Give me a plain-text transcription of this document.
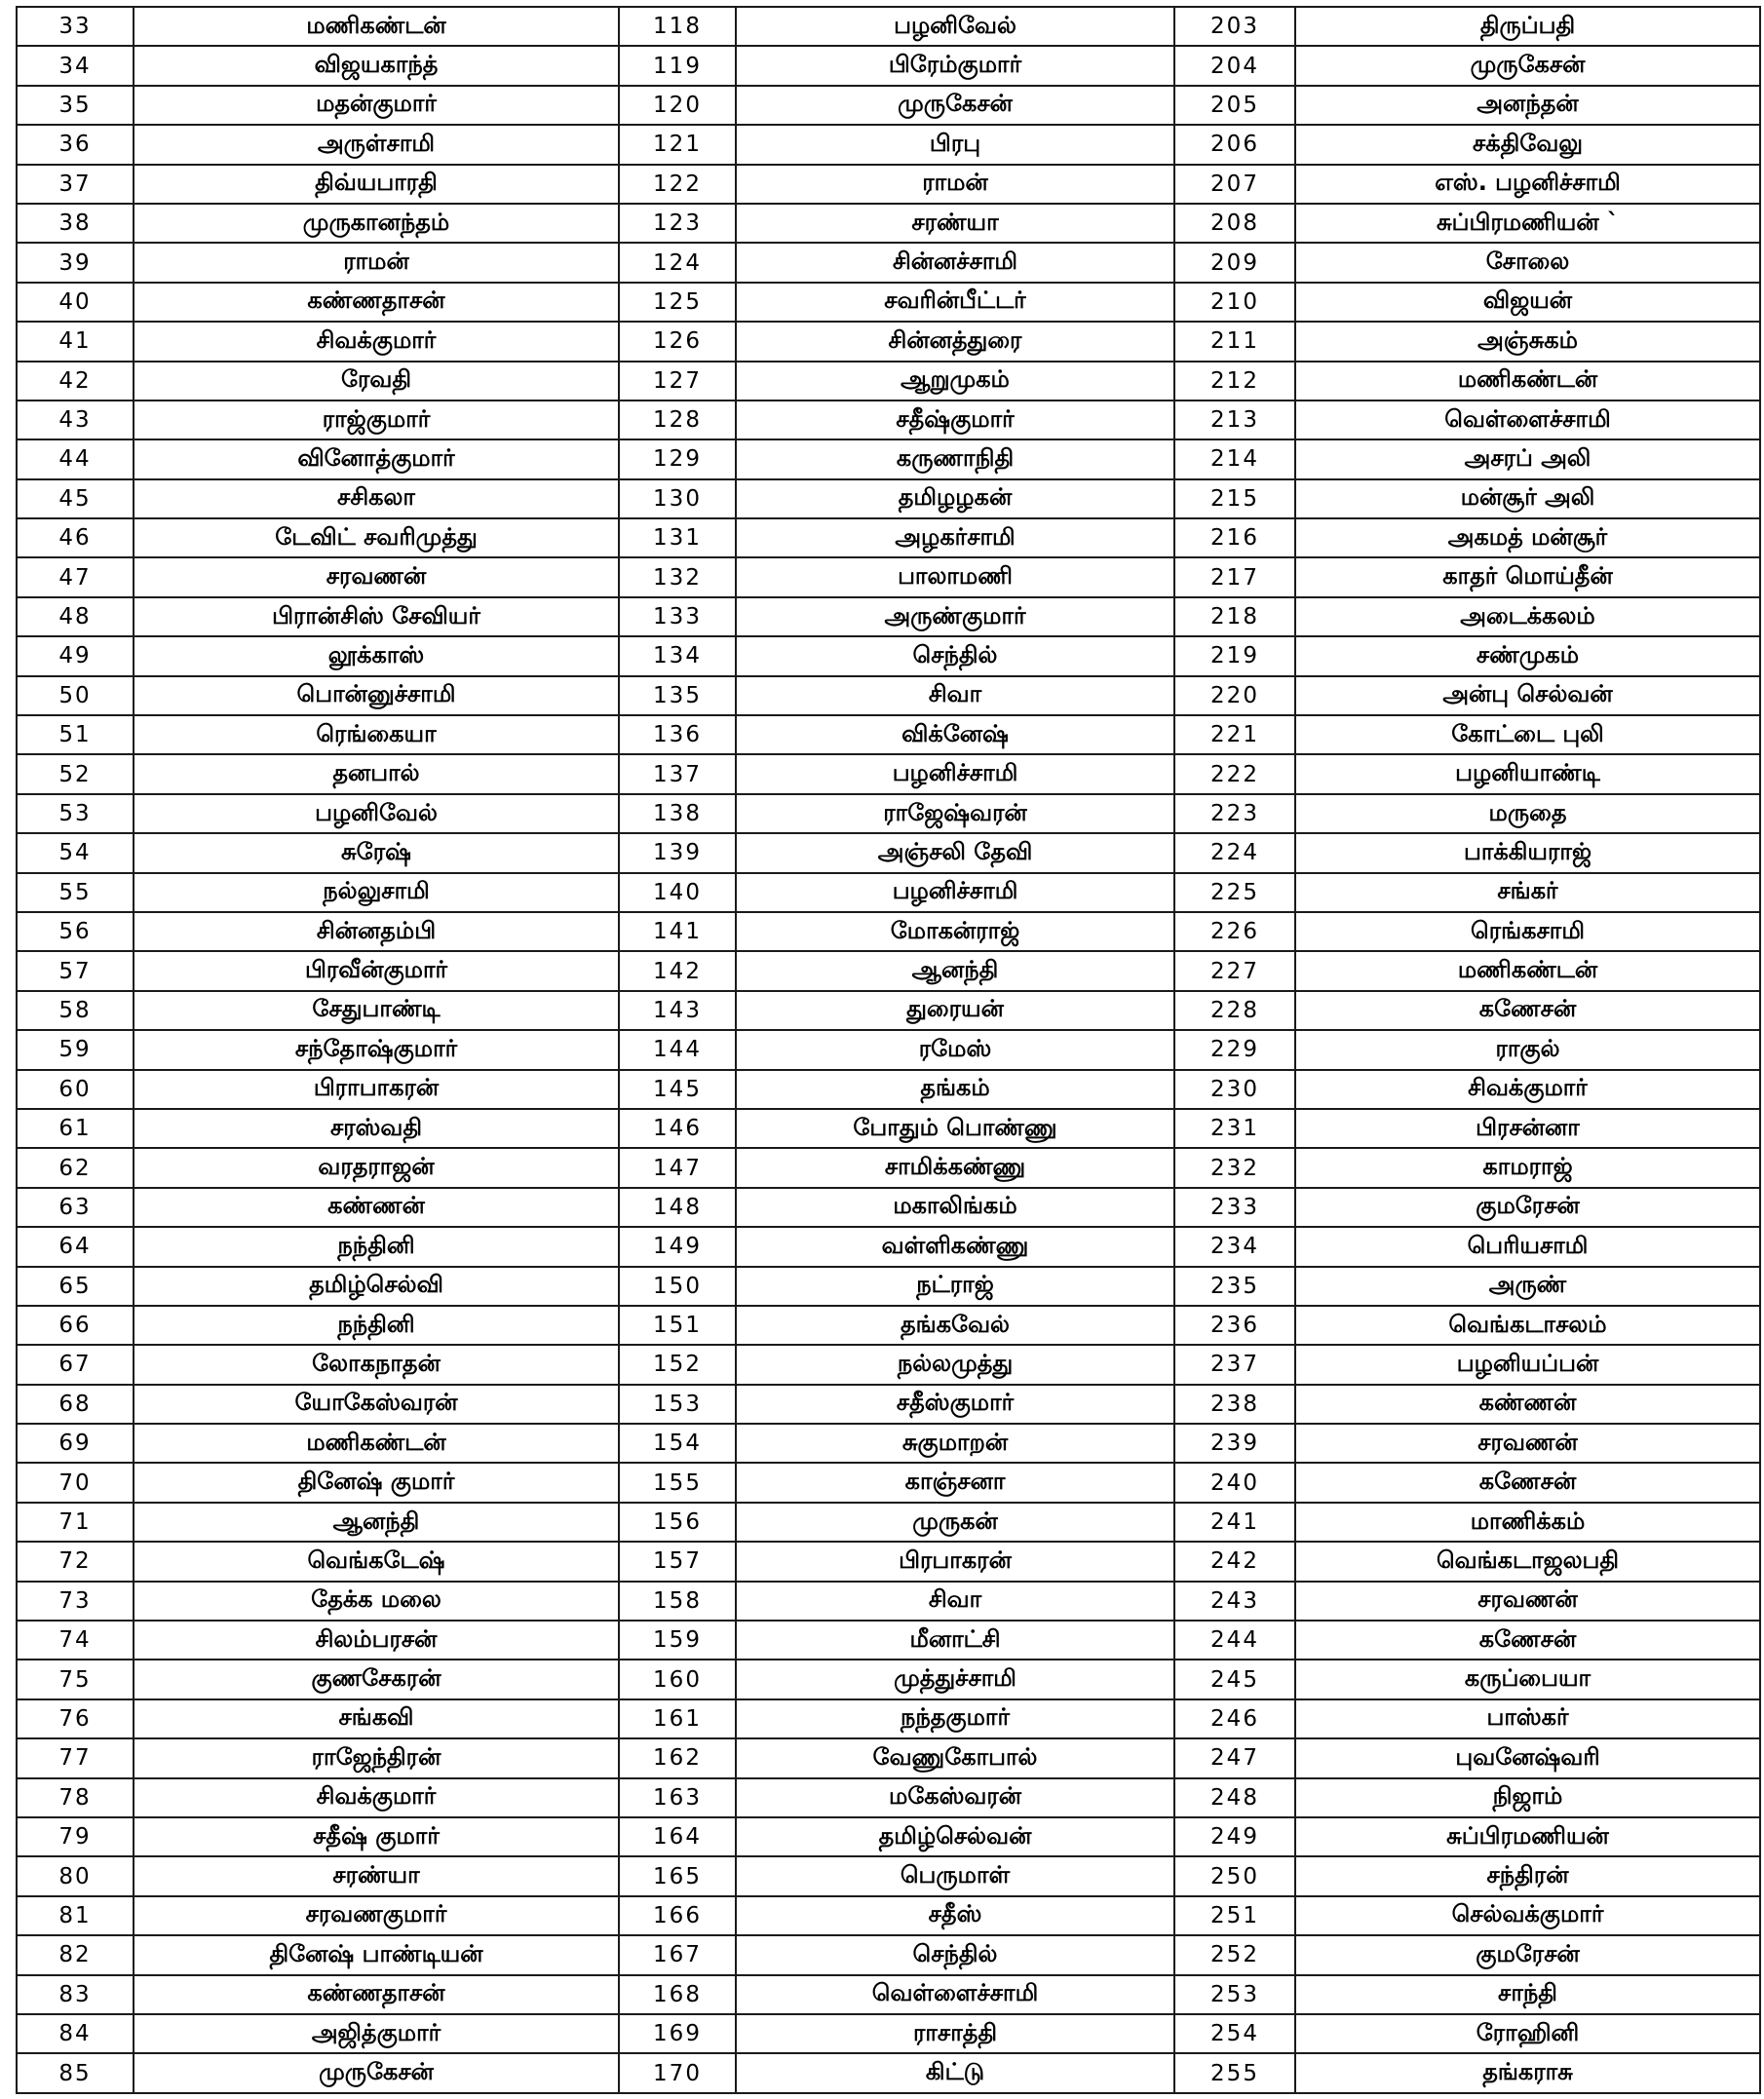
33	மணிகண்டன்	118	பழனிவேல்	203	திருப்பதி
34	விஜயகாந்த்	119	பிரேம்குமார்	204	முருகேசன்
35	மதன்குமார்	120	முருகேசன்	205	அனந்தன்
36	அருள்சாமி	121	பிரபு	206	சக்திவேலு
37	திவ்யபாரதி	122	ராமன்	207	எஸ். பழனிச்சாமி
38	முருகானந்தம்	123	சரண்யா	208	சுப்பிரமணியன் `
39	ராமன்	124	சின்னச்சாமி	209	சோலை
40	கண்ணதாசன்	125	சவரின்பீட்டர்	210	விஜயன்
41	சிவக்குமார்	126	சின்னத்துரை	211	அஞ்சுகம்
42	ரேவதி	127	ஆறுமுகம்	212	மணிகண்டன்
43	ராஜ்குமார்	128	சதீஷ்குமார்	213	வெள்ளைச்சாமி
44	வினோத்குமார்	129	கருணாநிதி	214	அசரப் அலி
45	சசிகலா	130	தமிழழகன்	215	மன்சூர் அலி
46	டேவிட் சவரிமுத்து	131	அழகர்சாமி	216	அகமத் மன்சூர்
47	சரவணன்	132	பாலாமணி	217	காதர் மொய்தீன்
48	பிரான்சிஸ் சேவியர்	133	அருண்குமார்	218	அடைக்கலம்
49	லூக்காஸ்	134	செந்தில்	219	சண்முகம்
50	பொன்னுச்சாமி	135	சிவா	220	அன்பு செல்வன்
51	ரெங்கையா	136	விக்னேஷ்	221	கோட்டை புலி
52	தனபால்	137	பழனிச்சாமி	222	பழனியாண்டி
53	பழனிவேல்	138	ராஜேஷ்வரன்	223	மருதை
54	சுரேஷ்	139	அஞ்சலி தேவி	224	பாக்கியராஜ்
55	நல்லுசாமி	140	பழனிச்சாமி	225	சங்கர்
56	சின்னதம்பி	141	மோகன்ராஜ்	226	ரெங்கசாமி
57	பிரவீன்குமார்	142	ஆனந்தி	227	மணிகண்டன்
58	சேதுபாண்டி	143	துரையன்	228	கணேசன்
59	சந்தோஷ்குமார்	144	ரமேஸ்	229	ராகுல்
60	பிராபாகரன்	145	தங்கம்	230	சிவக்குமார்
61	சரஸ்வதி	146	போதும் பொண்ணு	231	பிரசன்னா
62	வரதராஜன்	147	சாமிக்கண்ணு	232	காமராஜ்
63	கண்ணன்	148	மகாலிங்கம்	233	குமரேசன்
64	நந்தினி	149	வள்ளிகண்ணு	234	பெரியசாமி
65	தமிழ்செல்வி	150	நட்ராஜ்	235	அருண்
66	நந்தினி	151	தங்கவேல்	236	வெங்கடாசலம்
67	லோகநாதன்	152	நல்லமுத்து	237	பழனியப்பன்
68	யோகேஸ்வரன்	153	சதீஸ்குமார்	238	கண்ணன்
69	மணிகண்டன்	154	சுகுமாறன்	239	சரவணன்
70	தினேஷ் குமார்	155	காஞ்சனா	240	கணேசன்
71	ஆனந்தி	156	முருகன்	241	மாணிக்கம்
72	வெங்கடேஷ்	157	பிரபாகரன்	242	வெங்கடாஜலபதி
73	தேக்க மலை	158	சிவா	243	சரவணன்
74	சிலம்பரசன்	159	மீனாட்சி	244	கணேசன்
75	குணசேகரன்	160	முத்துச்சாமி	245	கருப்பையா
76	சங்கவி	161	நந்தகுமார்	246	பாஸ்கர்
77	ராஜேந்திரன்	162	வேணுகோபால்	247	புவனேஷ்வரி
78	சிவக்குமார்	163	மகேஸ்வரன்	248	நிஜாம்
79	சதீஷ் குமார்	164	தமிழ்செல்வன்	249	சுப்பிரமணியன்
80	சரண்யா	165	பெருமாள்	250	சந்திரன்
81	சரவணகுமார்	166	சதீஸ்	251	செல்வக்குமார்
82	தினேஷ் பாண்டியன்	167	செந்தில்	252	குமரேசன்
83	கண்ணதாசன்	168	வெள்ளைச்சாமி	253	சாந்தி
84	அஜித்குமார்	169	ராசாத்தி	254	ரோஹினி
85	முருகேசன்	170	கிட்டு	255	தங்கராசு
